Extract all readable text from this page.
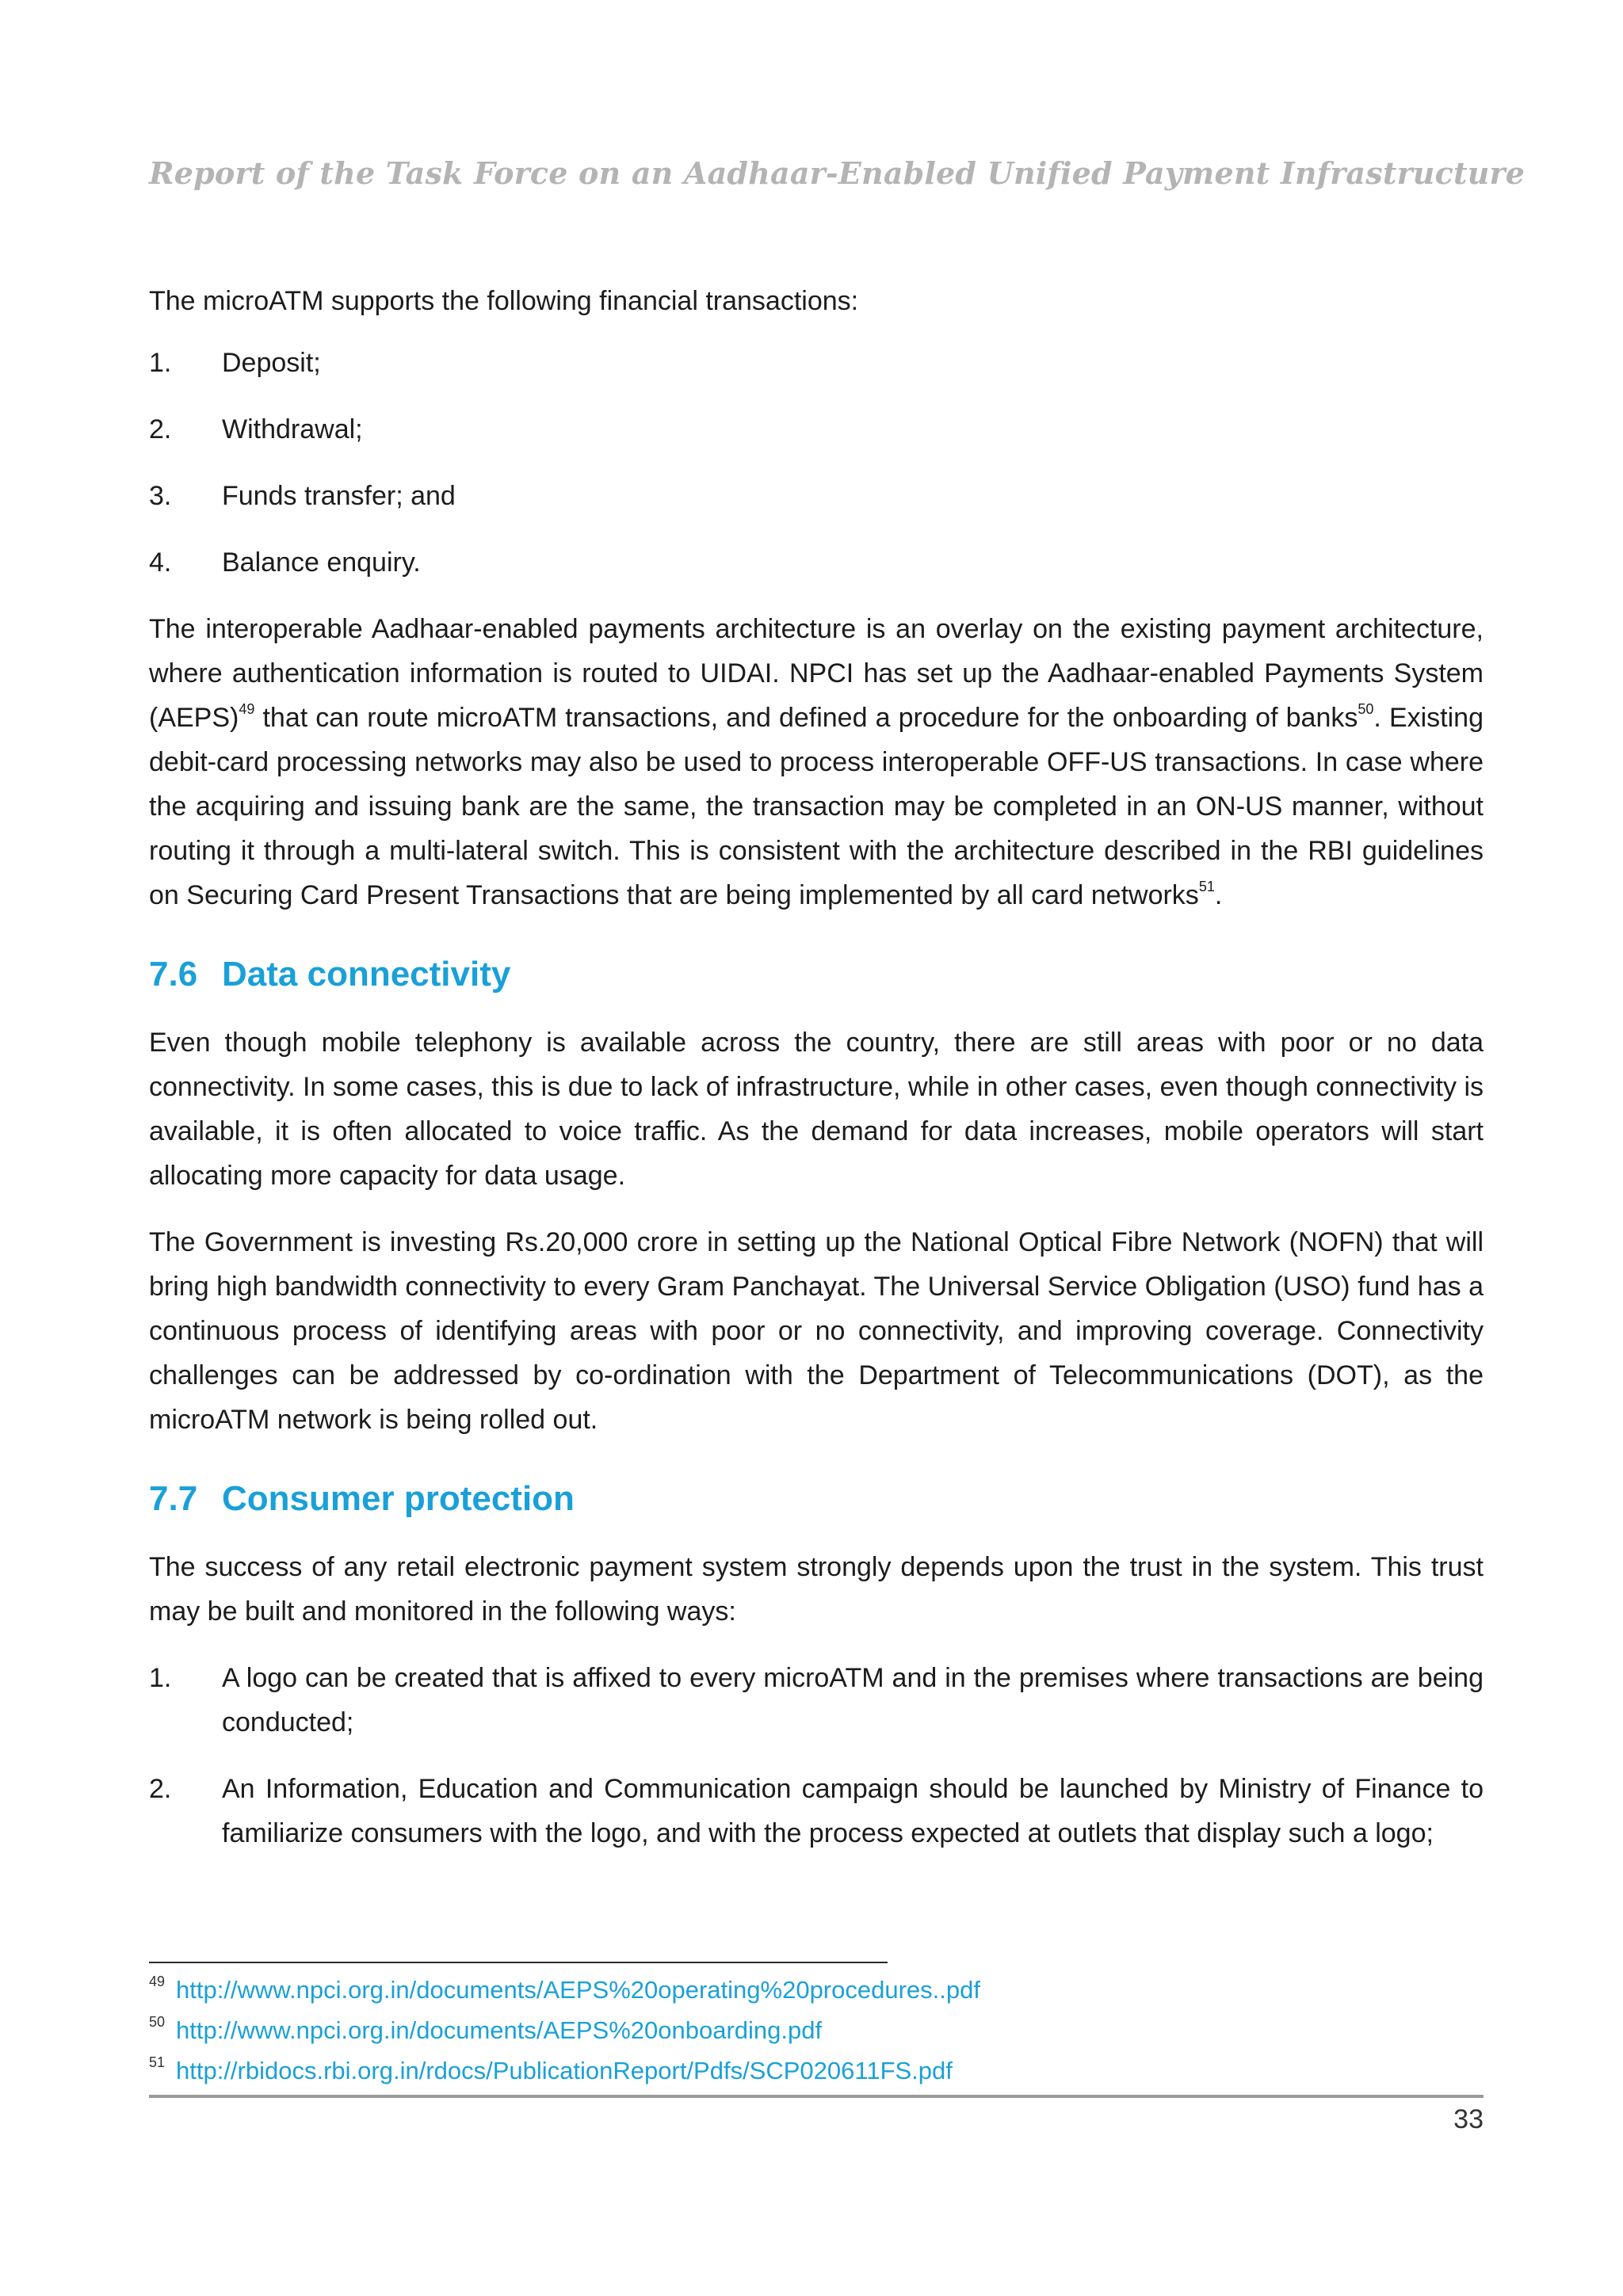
Report of the Task Force on an Aadhaar-Enabled Unified Payment Infrastructure

The microATM supports the following financial transactions:

1. Deposit;
2. Withdrawal;
3. Funds transfer; and
4. Balance enquiry.

The interoperable Aadhaar-enabled payments architecture is an overlay on the existing payment architecture, where authentication information is routed to UIDAI. NPCI has set up the Aadhaar-enabled Payments System (AEPS)$^{49}$ that can route microATM transactions, and defined a procedure for the onboarding of banks$^{50}$. Existing debit-card processing networks may also be used to process interoperable OFF-US transactions. In case where the acquiring and issuing bank are the same, the transaction may be completed in an ON-US manner, without routing it through a multi-lateral switch. This is consistent with the architecture described in the RBI guidelines on Securing Card Present Transactions that are being implemented by all card networks$^{51}$.

7.6 Data connectivity

Even though mobile telephony is available across the country, there are still areas with poor or no data connectivity. In some cases, this is due to lack of infrastructure, while in other cases, even though connectivity is available, it is often allocated to voice traffic. As the demand for data increases, mobile operators will start allocating more capacity for data usage.

The Government is investing Rs.20,000 crore in setting up the National Optical Fibre Network (NOFN) that will bring high bandwidth connectivity to every Gram Panchayat. The Universal Service Obligation (USO) fund has a continuous process of identifying areas with poor or no connectivity, and improving coverage. Connectivity challenges can be addressed by co-ordination with the Department of Telecommunications (DOT), as the microATM network is being rolled out.

7.7 Consumer protection

The success of any retail electronic payment system strongly depends upon the trust in the system. This trust may be built and monitored in the following ways:

1. A logo can be created that is affixed to every microATM and in the premises where transactions are being conducted;
2. An Information, Education and Communication campaign should be launched by Ministry of Finance to familiarize consumers with the logo, and with the process expected at outlets that display such a logo;
49 http://www.npci.org.in/documents/AEPS%20operating%20procedures..pdf
50 http://www.npci.org.in/documents/AEPS%20onboarding.pdf
51 http://rbidocs.rbi.org.in/rdocs/PublicationReport/Pdfs/SCP020611FS.pdf
33
